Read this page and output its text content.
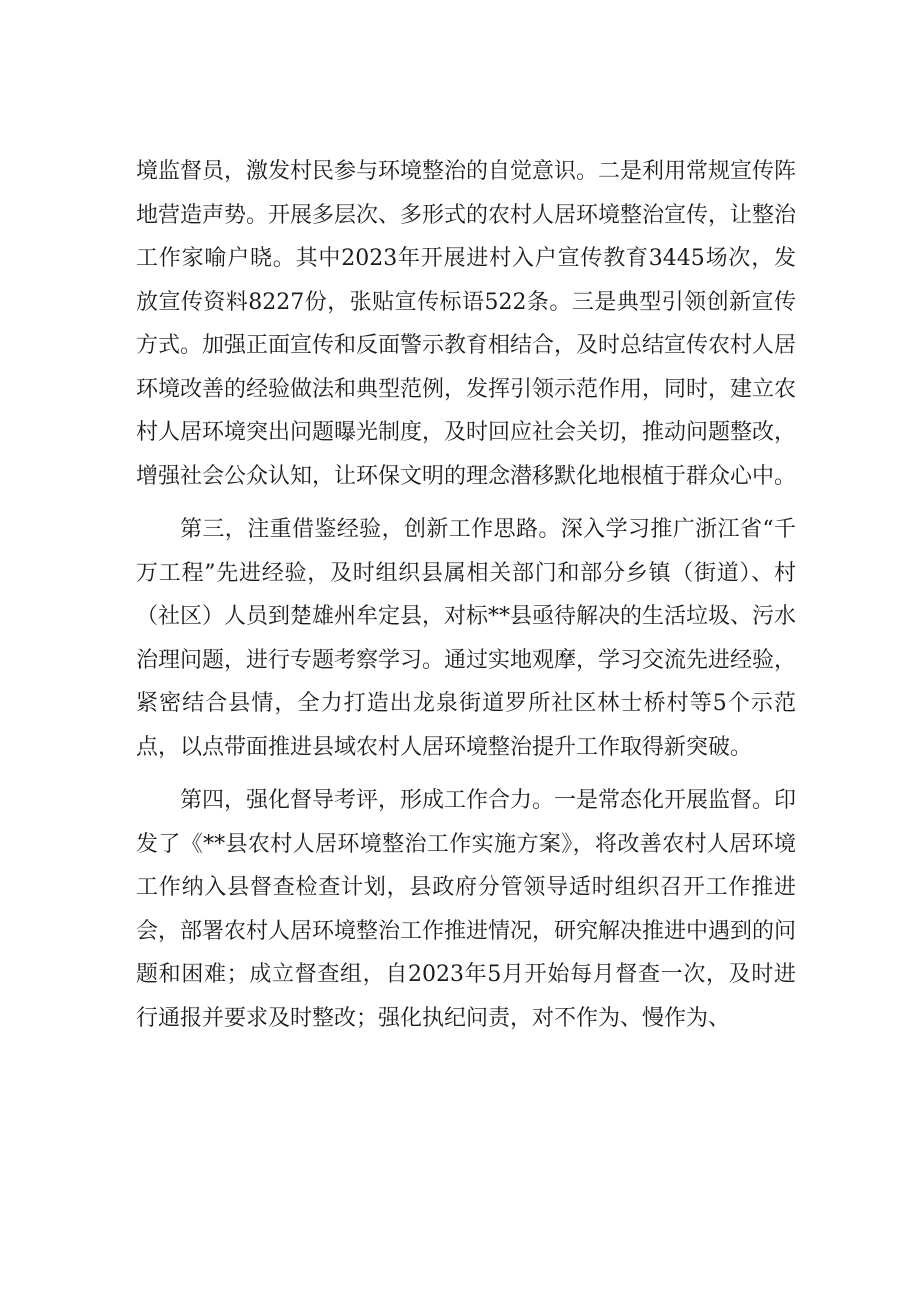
境监督员，激发村民参与环境整治的自觉意识。二是利用常规宣传阵地营造声势。开展多层次、多形式的农村人居环境整治宣传，让整治工作家喻户晓。其中2023年开展进村入户宣传教育3445场次，发放宣传资料8227份，张贴宣传标语522条。三是典型引领创新宣传方式。加强正面宣传和反面警示教育相结合，及时总结宣传农村人居环境改善的经验做法和典型范例，发挥引领示范作用，同时，建立农村人居环境突出问题曝光制度，及时回应社会关切，推动问题整改，增强社会公众认知，让环保文明的理念潜移默化地根植于群众心中。

第三，注重借鉴经验，创新工作思路。深入学习推广浙江省“千万工程”先进经验，及时组织县属相关部门和部分乡镇（街道）、村（社区）人员到楚雄州牟定县，对标**县亟待解决的生活垃圾、污水治理问题，进行专题考察学习。通过实地观摩，学习交流先进经验，紧密结合县情，全力打造出龙泉街道罗所社区林士桥村等5个示范点，以点带面推进县域农村人居环境整治提升工作取得新突破。

第四，强化督导考评，形成工作合力。一是常态化开展监督。印发了《**县农村人居环境整治工作实施方案》，将改善农村人居环境工作纳入县督查检查计划，县政府分管领导适时组织召开工作推进会，部署农村人居环境整治工作推进情况，研究解决推进中遇到的问题和困难；成立督查组，自2023年5月开始每月督查一次，及时进行通报并要求及时整改；强化执纪问责，对不作为、慢作为、
